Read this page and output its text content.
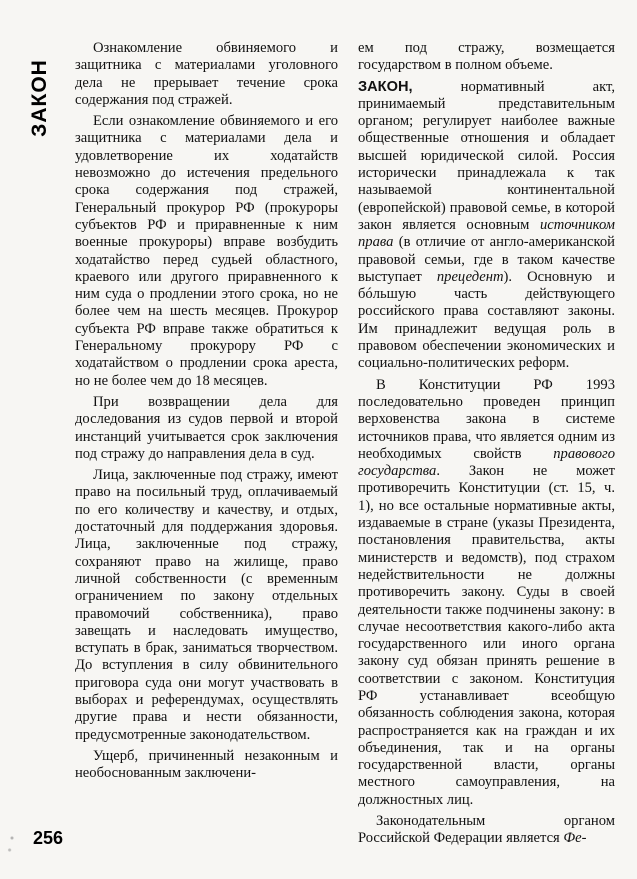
ЗАКОН

Ознакомление обвиняемого и защитника с материалами уголовного дела не прерывает течение срока содержания под стражей.

Если ознакомление обвиняемого и его защитника с материалами дела и удовлетворение их ходатайств невозможно до истечения предельного срока содержания под стражей, Генеральный прокурор РФ (прокуроры субъектов РФ и приравненные к ним военные прокуроры) вправе возбудить ходатайство перед судьей областного, краевого или другого приравненного к ним суда о продлении этого срока, но не более чем на шесть месяцев. Прокурор субъекта РФ вправе также обратиться к Генеральному прокурору РФ с ходатайством о продлении срока ареста, но не более чем до 18 месяцев.

При возвращении дела для доследования из судов первой и второй инстанций учитывается срок заключения под стражу до направления дела в суд.

Лица, заключенные под стражу, имеют право на посильный труд, оплачиваемый по его количеству и качеству, и отдых, достаточный для поддержания здоровья. Лица, заключенные под стражу, сохраняют право на жилище, право личной собственности (с временным ограничением по закону отдельных правомочий собственника), право завещать и наследовать имущество, вступать в брак, заниматься творчеством. До вступления в силу обвинительного приговора суда они могут участвовать в выборах и референдумах, осуществлять другие права и нести обязанности, предусмотренные законодательством.

Ущерб, причиненный незаконным и необоснованным заключени-

ем под стражу, возмещается государством в полном объеме.

ЗАКОН, нормативный акт, принимаемый представительным органом; регулирует наиболее важные общественные отношения и обладает высшей юридической силой. Россия исторически принадлежала к так называемой континентальной (европейской) правовой семье, в которой закон является основным источником права (в отличие от англо-американской правовой семьи, где в таком качестве выступает прецедент). Основную и бóльшую часть действующего российского права составляют законы. Им принадлежит ведущая роль в правовом обеспечении экономических и социально-политических реформ.

В Конституции РФ 1993 последовательно проведен принцип верховенства закона в системе источников права, что является одним из необходимых свойств правового государства. Закон не может противоречить Конституции (ст. 15, ч. 1), но все остальные нормативные акты, издаваемые в стране (указы Президента, постановления правительства, акты министерств и ведомств), под страхом недействительности не должны противоречить закону. Суды в своей деятельности также подчинены закону: в случае несоответствия какого-либо акта государственного или иного органа закону суд обязан принять решение в соответствии с законом. Конституция РФ устанавливает всеобщую обязанность соблюдения закона, которая распространяется как на граждан и их объединения, так и на органы государственной власти, органы местного самоуправления, на должностных лиц.

Законодательным органом Российской Федерации является Фе-

256
